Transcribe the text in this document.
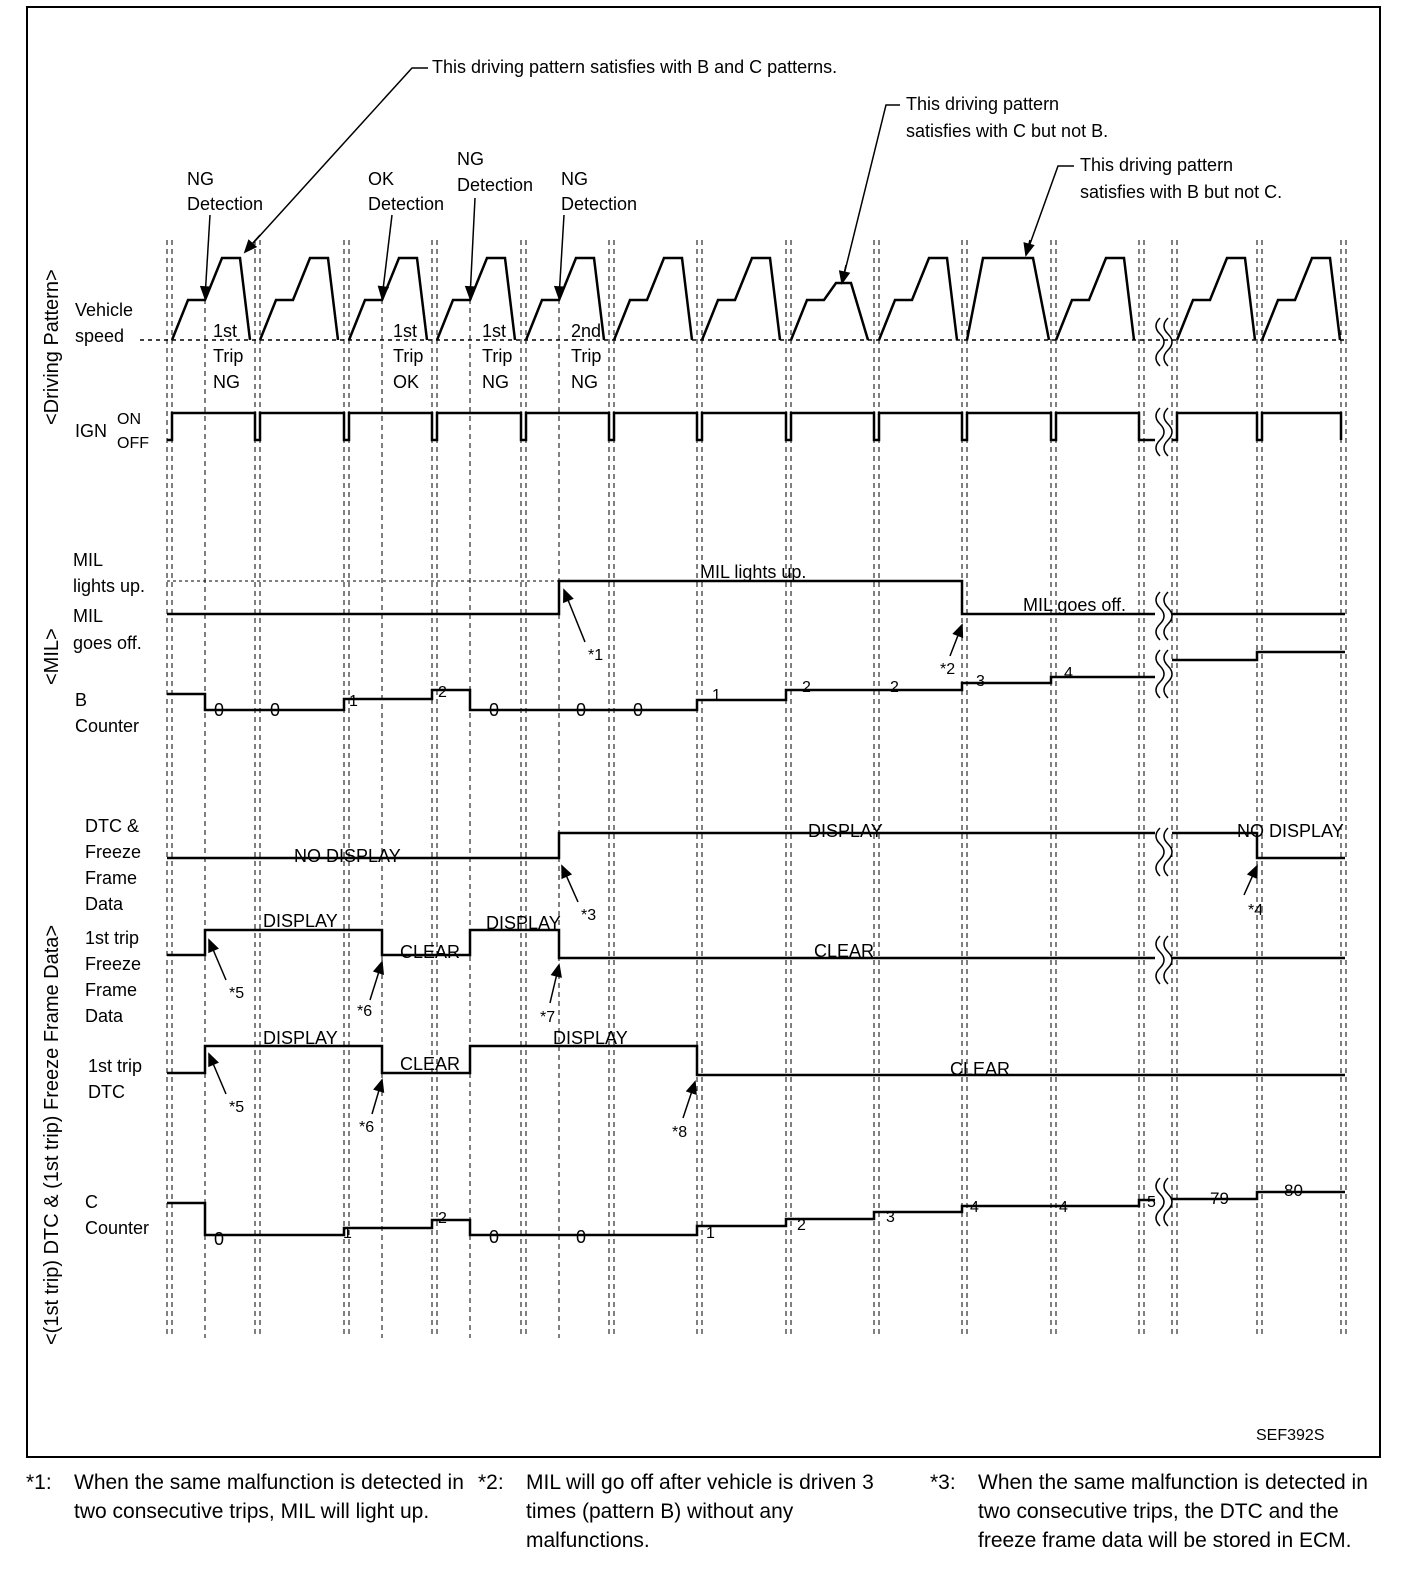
<Driving Pattern>
<MIL>
<(1st trip) DTC & (1st trip) Freeze Frame Data>
This driving pattern satisfies with B and C patterns.
This driving pattern
satisfies with C but not B.
This driving pattern
satisfies with B but not C.
NG
Detection
OK
Detection
NG
Detection NG
Detection
1st
Trip
NG
1st
Trip
OK
1st
Trip
NG
2nd
Trip
NG
Vehicle
speed
IGN
ON
OFF
MIL
lights up.
MIL
goes off.
B
Counter
DTC &
Freeze
Frame
Data
1st trip
Freeze
Frame
Data
1st trip
DTC
C
Counter
MIL lights up.
MIL goes off.
NO DISPLAY
DISPLAY	NO DISPLAY
DISPLAY
CLEAR
DISPLAY
CLEAR
DISPLAY
CLEAR
DISPLAY
CLEAR
0	0	1
2
0	0	0
1	2	2	3	4
0	1
2
0	0	1	2	3
4	4	5	79	80
*1
*2
*3	*4
*5
*6	*7
*5
*6	*8
SEF392S
*1: When the same malfunction is detected in two consecutive trips, MIL will light up.
*2: MIL will go off after vehicle is driven 3 times (pattern B) without any malfunctions.
*3: When the same malfunction is detected in two consecutive trips, the DTC and the freeze frame data will be stored in ECM.
